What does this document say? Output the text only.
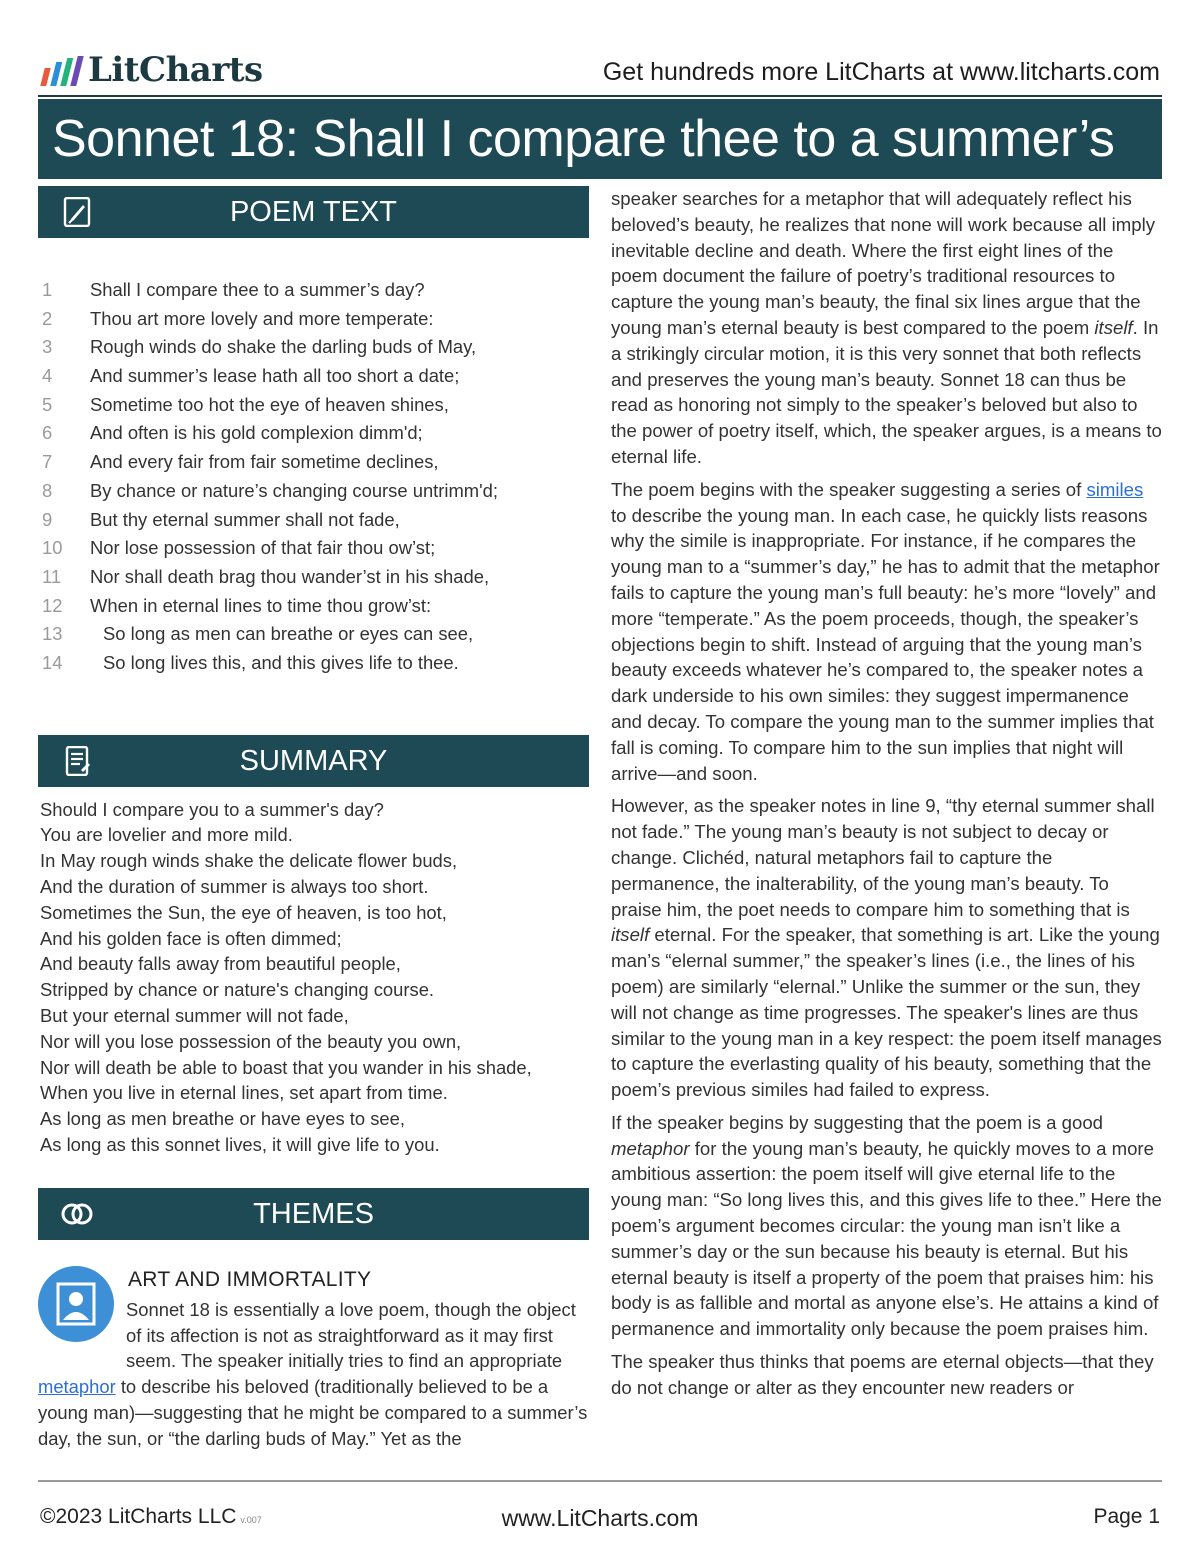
LitCharts	Get hundreds more LitCharts at www.litcharts.com
Sonnet 18: Shall I compare thee to a summer’s
POEM TEXT
1	Shall I compare thee to a summer’s day?
2	Thou art more lovely and more temperate:
3	Rough winds do shake the darling buds of May,
4	And summer’s lease hath all too short a date;
5	Sometime too hot the eye of heaven shines,
6	And often is his gold complexion dimm'd;
7	And every fair from fair sometime declines,
8	By chance or nature’s changing course untrimm'd;
9	But thy eternal summer shall not fade,
10	Nor lose possession of that fair thou ow’st;
11	Nor shall death brag thou wander’st in his shade,
12	When in eternal lines to time thou grow’st:
13	So long as men can breathe or eyes can see,
14	So long lives this, and this gives life to thee.
SUMMARY
Should I compare you to a summer's day?
You are lovelier and more mild.
In May rough winds shake the delicate flower buds,
And the duration of summer is always too short.
Sometimes the Sun, the eye of heaven, is too hot,
And his golden face is often dimmed;
And beauty falls away from beautiful people,
Stripped by chance or nature's changing course.
But your eternal summer will not fade,
Nor will you lose possession of the beauty you own,
Nor will death be able to boast that you wander in his shade,
When you live in eternal lines, set apart from time.
As long as men breathe or have eyes to see,
As long as this sonnet lives, it will give life to you.
THEMES
ART AND IMMORTALITY
Sonnet 18 is essentially a love poem, though the object of its affection is not as straightforward as it may first seem. The speaker initially tries to find an appropriate metaphor to describe his beloved (traditionally believed to be a young man)—suggesting that he might be compared to a summer’s day, the sun, or “the darling buds of May.” Yet as the

speaker searches for a metaphor that will adequately reflect his beloved’s beauty, he realizes that none will work because all imply inevitable decline and death. Where the first eight lines of the poem document the failure of poetry’s traditional resources to capture the young man’s beauty, the final six lines argue that the young man’s eternal beauty is best compared to the poem itself. In a strikingly circular motion, it is this very sonnet that both reflects and preserves the young man’s beauty. Sonnet 18 can thus be read as honoring not simply to the speaker’s beloved but also to the power of poetry itself, which, the speaker argues, is a means to eternal life.

The poem begins with the speaker suggesting a series of similes to describe the young man. In each case, he quickly lists reasons why the simile is inappropriate. For instance, if he compares the young man to a “summer’s day,” he has to admit that the metaphor fails to capture the young man’s full beauty: he’s more “lovely” and more “temperate.” As the poem proceeds, though, the speaker’s objections begin to shift. Instead of arguing that the young man’s beauty exceeds whatever he’s compared to, the speaker notes a dark underside to his own similes: they suggest impermanence and decay. To compare the young man to the summer implies that fall is coming. To compare him to the sun implies that night will arrive—and soon.

However, as the speaker notes in line 9, “thy eternal summer shall not fade.” The young man’s beauty is not subject to decay or change. Clichéd, natural metaphors fail to capture the permanence, the inalterability, of the young man’s beauty. To praise him, the poet needs to compare him to something that is itself eternal. For the speaker, that something is art. Like the young man’s “elernal summer,” the speaker’s lines (i.e., the lines of his poem) are similarly “elernal.” Unlike the summer or the sun, they will not change as time progresses. The speaker's lines are thus similar to the young man in a key respect: the poem itself manages to capture the everlasting quality of his beauty, something that the poem’s previous similes had failed to express.

If the speaker begins by suggesting that the poem is a good metaphor for the young man’s beauty, he quickly moves to a more ambitious assertion: the poem itself will give eternal life to the young man: “So long lives this, and this gives life to thee.” Here the poem’s argument becomes circular: the young man isn’t like a summer’s day or the sun because his beauty is eternal. But his eternal beauty is itself a property of the poem that praises him: his body is as fallible and mortal as anyone else’s. He attains a kind of permanence and immortality only because the poem praises him.

The speaker thus thinks that poems are eternal objects—that they do not change or alter as they encounter new readers or

©2023 LitCharts LLC v.007	www.LitCharts.com	Page 1
